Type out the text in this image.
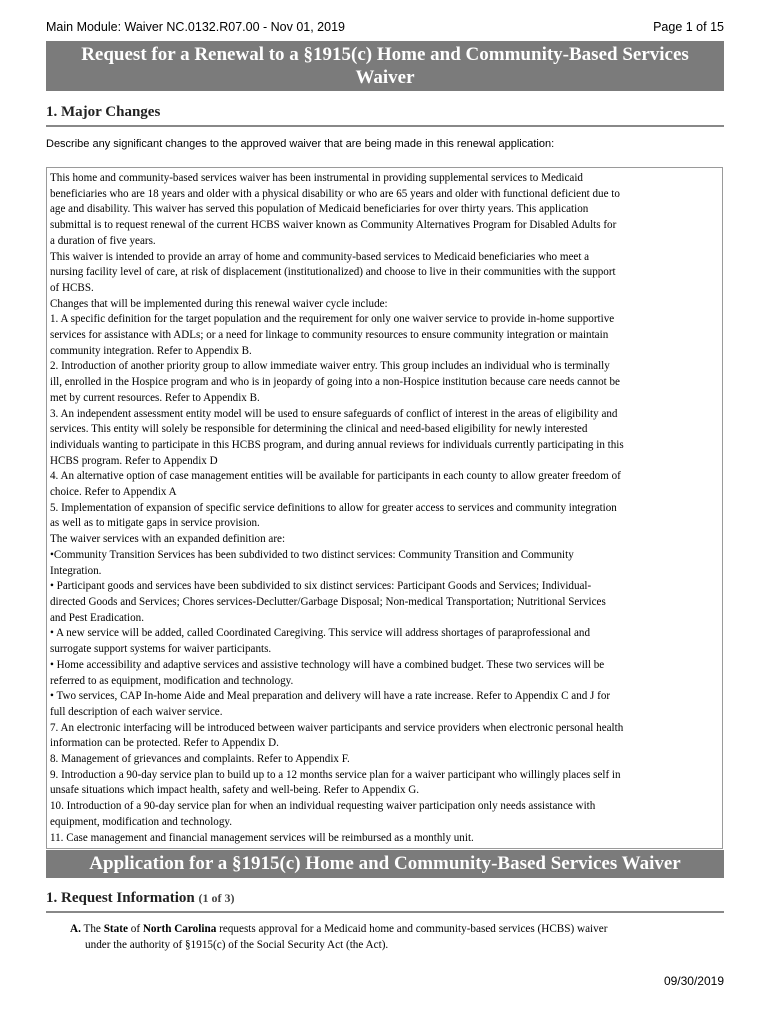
Main Module: Waiver NC.0132.R07.00 - Nov 01, 2019	Page 1 of 15
Request for a Renewal to a §1915(c) Home and Community-Based Services
Waiver
1. Major Changes
Describe any significant changes to the approved waiver that are being made in this renewal application:

This home and community-based services waiver has been instrumental in providing supplemental services to Medicaid

beneficiaries who are 18 years and older with a physical disability or who are 65 years and older with functional deficient due to

age and disability. This waiver has served this population of Medicaid beneficiaries for over thirty years. This application

submittal is to request renewal of the current HCBS waiver known as Community Alternatives Program for Disabled Adults for

a duration of five years.

This waiver is intended to provide an array of home and community-based services to Medicaid beneficiaries who meet a

nursing facility level of care, at risk of displacement (institutionalized) and choose to live in their communities with the support

of HCBS.

Changes that will be implemented during this renewal waiver cycle include:

1. A specific definition for the target population and the requirement for only one waiver service to provide in-home supportive

services for assistance with ADLs; or a need for linkage to community resources to ensure community integration or maintain

community integration. Refer to Appendix B.

2. Introduction of another priority group to allow immediate waiver entry. This group includes an individual who is terminally

ill, enrolled in the Hospice program and who is in jeopardy of going into a non-Hospice institution because care needs cannot be

met by current resources. Refer to Appendix B.

3. An independent assessment entity model will be used to ensure safeguards of conflict of interest in the areas of eligibility and

services. This entity will solely be responsible for determining the clinical and need-based eligibility for newly interested

individuals wanting to participate in this HCBS program, and during annual reviews for individuals currently participating in this

HCBS program. Refer to Appendix D

4. An alternative option of case management entities will be available for participants in each county to allow greater freedom of

choice. Refer to Appendix A

5. Implementation of expansion of specific service definitions to allow for greater access to services and community integration

as well as to mitigate gaps in service provision.

The waiver services with an expanded definition are:

•Community Transition Services has been subdivided to two distinct services: Community Transition and Community

Integration.

• Participant goods and services have been subdivided to six distinct services: Participant Goods and Services; Individual-

directed Goods and Services; Chores services-Declutter/Garbage Disposal; Non-medical Transportation; Nutritional Services

and Pest Eradication.

• A new service will be added, called Coordinated Caregiving. This service will address shortages of paraprofessional and

surrogate support systems for waiver participants.

• Home accessibility and adaptive services and assistive technology will have a combined budget. These two services will be

referred to as equipment, modification and technology.

• Two services, CAP In-home Aide and Meal preparation and delivery will have a rate increase. Refer to Appendix C and J for

full description of each waiver service.

7. An electronic interfacing will be introduced between waiver participants and service providers when electronic personal health

information can be protected. Refer to Appendix D.

8. Management of grievances and complaints. Refer to Appendix F.

9. Introduction a 90-day service plan to build up to a 12 months service plan for a waiver participant who willingly places self in

unsafe situations which impact health, safety and well-being. Refer to Appendix G.

10. Introduction of a 90-day service plan for when an individual requesting waiver participation only needs assistance with

equipment, modification and technology.

11. Case management and financial management services will be reimbursed as a monthly unit.

Application for a §1915(c) Home and Community-Based Services Waiver
1. Request Information (1 of 3)
A. The State of North Carolina requests approval for a Medicaid home and community-based services (HCBS) waiver
under the authority of §1915(c) of the Social Security Act (the Act).
09/30/2019
